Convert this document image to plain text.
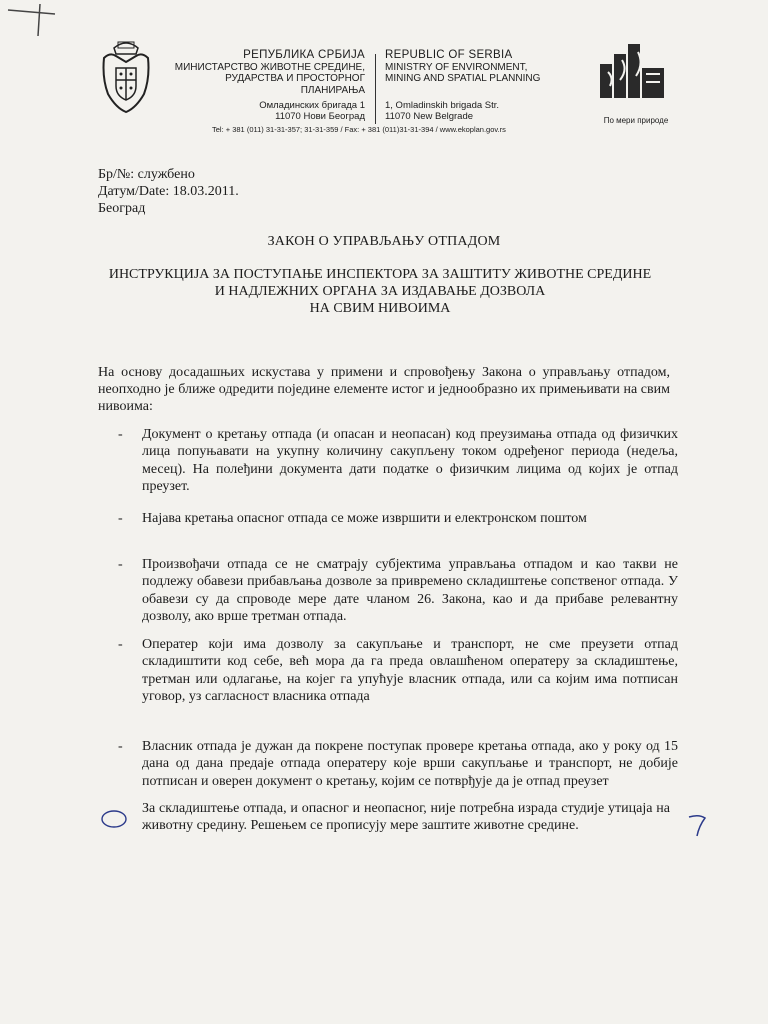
РЕПУБЛИКА СРБИЈА
МИНИСТАРСТВО ЖИВОТНЕ СРЕДИНЕ,
РУДАРСТВА И ПРОСТОРНОГ ПЛАНИРАЊА
REPUBLIC OF SERBIA
MINISTRY OF ENVIRONMENT,
MINING AND SPATIAL PLANNING
Омладинских бригада 1
11070 Нови Београд
1, Omladinskih brigada Str.
11070 New Belgrade
Tel: + 381 (011) 31-31-357; 31-31-359 / Fax: + 381 (011)31-31-394 / www.ekoplan.gov.rs
По мери природе
Бр/№: службено
Датум/Date: 18.03.2011.
Београд
ЗАКОН О УПРАВЉАЊУ ОТПАДОМ
ИНСТРУКЦИЈА ЗА ПОСТУПАЊЕ ИНСПЕКТОРА ЗА ЗАШТИТУ ЖИВОТНЕ СРЕДИНЕ
И НАДЛЕЖНИХ ОРГАНА ЗА ИЗДАВАЊЕ ДОЗВОЛА
НА СВИМ НИВОИМА
На основу досадашњих искустава у примени и спровођењу Закона о управљању отпадом, неопходно је ближе одредити поједине елементе истог и једнообразно их примењивати на свим нивоима:
-	Документ о кретању отпада (и опасан и неопасан) код преузимања отпада од физичких лица попуњавати на укупну количину сакупљену током одређеног периода (недеља, месец). На полеђини документа дати податке о физичким лицима од којих је отпад преузет.
-	Најава кретања опасног отпада се може извршити и електронском поштом
-	Произвођачи отпада се не сматрају субјектима управљања отпадом и као такви не подлежу обавези прибављања дозволе за привремено складиштење сопственог отпада. У обавези су да спроводе мере дате чланом 26. Закона, као и да прибаве релевантну дозволу, ако врше третман отпада.
-	Оператер који има дозволу за сакупљање и транспорт, не сме преузети отпад складиштити код себе, већ мора да га преда овлашћеном оператеру за складиштење, третман или одлагање, на којег га упућује власник отпада, или са којим има потписан уговор, уз сагласност власника отпада
-	Власник отпада је дужан да покрене поступак провере кретања отпада, ако у року од 15 дана од дана предаје отпада оператеру које врши сакупљање и транспорт, не добије потписан и оверен документ о кретању, којим се потврђује да је отпад преузет
За складиштење отпада, и опасног и неопасног, није потребна израда студије утицаја на животну средину. Решењем се прописују мере заштите животне средине.
7
